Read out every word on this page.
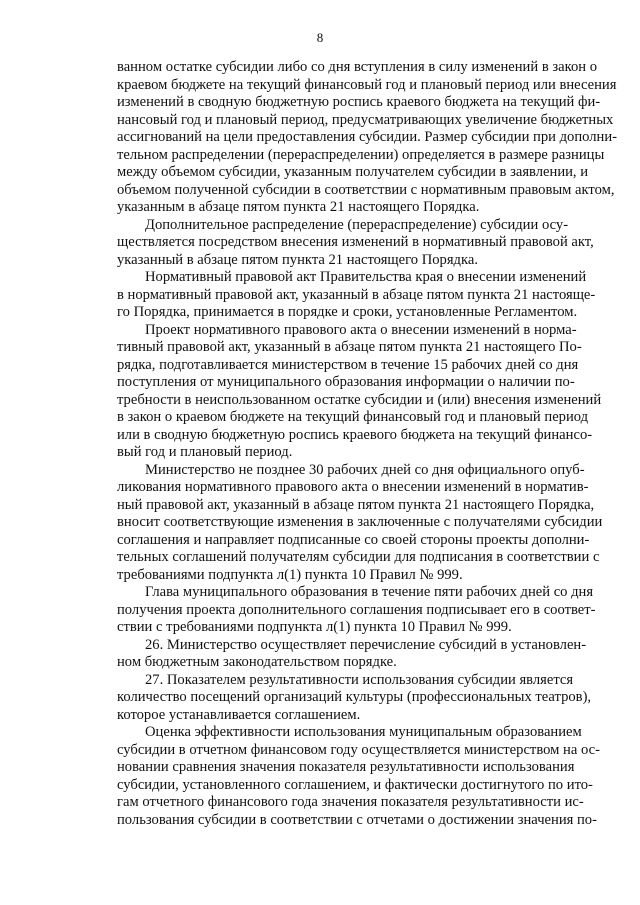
8
ванном остатке субсидии либо со дня вступления в силу изменений в закон о
краевом бюджете на текущий финансовый год и плановый период или внесения
изменений в сводную бюджетную роспись краевого бюджета на текущий фи-
нансовый год и плановый период, предусматривающих увеличение бюджетных
ассигнований на цели предоставления субсидии. Размер субсидии при дополни-
тельном распределении (перераспределении) определяется в размере разницы
между объемом субсидии, указанным получателем субсидии в заявлении, и
объемом полученной субсидии в соответствии с нормативным правовым актом,
указанным в абзаце пятом пункта 21 настоящего Порядка.
Дополнительное распределение (перераспределение) субсидии осу-
ществляется посредством внесения изменений в нормативный правовой акт,
указанный в абзаце пятом пункта 21 настоящего Порядка.
Нормативный правовой акт Правительства края о внесении изменений
в нормативный правовой акт, указанный в абзаце пятом пункта 21 настояще-
го Порядка, принимается в порядке и сроки, установленные Регламентом.
Проект нормативного правового акта о внесении изменений в норма-
тивный правовой акт, указанный в абзаце пятом пункта 21 настоящего По-
рядка, подготавливается министерством в течение 15 рабочих дней со дня
поступления от муниципального образования информации о наличии по-
требности в неиспользованном остатке субсидии и (или) внесения изменений
в закон о краевом бюджете на текущий финансовый год и плановый период
или в сводную бюджетную роспись краевого бюджета на текущий финансо-
вый год и плановый период.
Министерство не позднее 30 рабочих дней со дня официального опуб-
ликования нормативного правового акта о внесении изменений в норматив-
ный правовой акт, указанный в абзаце пятом пункта 21 настоящего Порядка,
вносит соответствующие изменения в заключенные с получателями субсидии
соглашения и направляет подписанные со своей стороны проекты дополни-
тельных соглашений получателям субсидии для подписания в соответствии с
требованиями подпункта л(1) пункта 10 Правил № 999.
Глава муниципального образования в течение пяти рабочих дней со дня
получения проекта дополнительного соглашения подписывает его в соответ-
ствии с требованиями подпункта л(1) пункта 10 Правил № 999.
26. Министерство осуществляет перечисление субсидий в установлен-
ном бюджетным законодательством порядке.
27. Показателем результативности использования субсидии является
количество посещений организаций культуры (профессиональных театров),
которое устанавливается соглашением.
Оценка эффективности использования муниципальным образованием
субсидии в отчетном финансовом году осуществляется министерством на ос-
новании сравнения значения показателя результативности использования
субсидии, установленного соглашением, и фактически достигнутого по ито-
гам отчетного финансового года значения показателя результативности ис-
пользования субсидии в соответствии с отчетами о достижении значения по-
